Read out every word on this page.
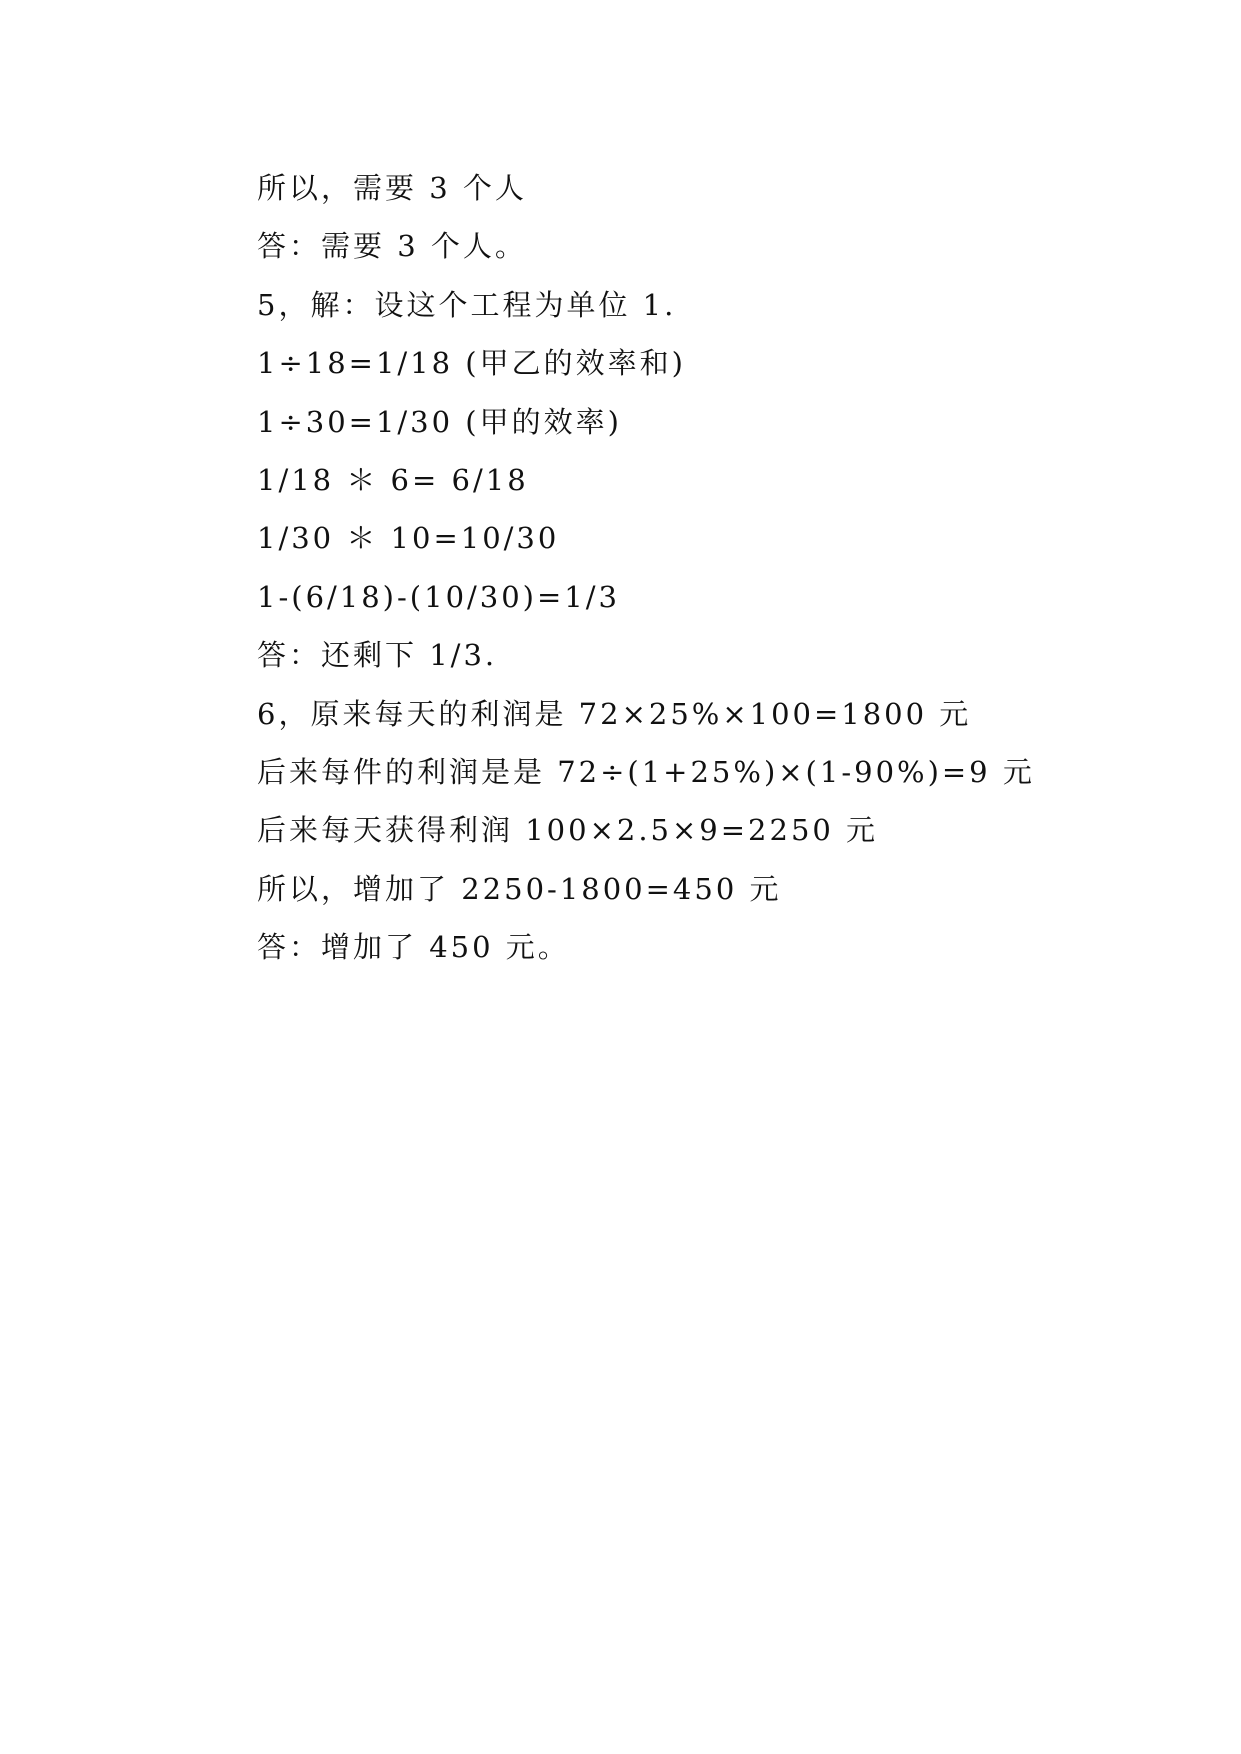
所以，需要 3 个人
答：需要 3 个人。
5，解：设这个工程为单位 1.
1÷18=1/18 (甲乙的效率和)
1÷30=1/30 (甲的效率)
1/18 ＊ 6= 6/18
1/30 ＊ 10=10/30
1-(6/18)-(10/30)=1/3
答：还剩下 1/3.
6，原来每天的利润是 72×25%×100=1800 元
后来每件的利润是是 72÷(1+25%)×(1-90%)=9 元
后来每天获得利润 100×2.5×9=2250 元
所以，增加了 2250-1800=450 元
答：增加了 450 元。
